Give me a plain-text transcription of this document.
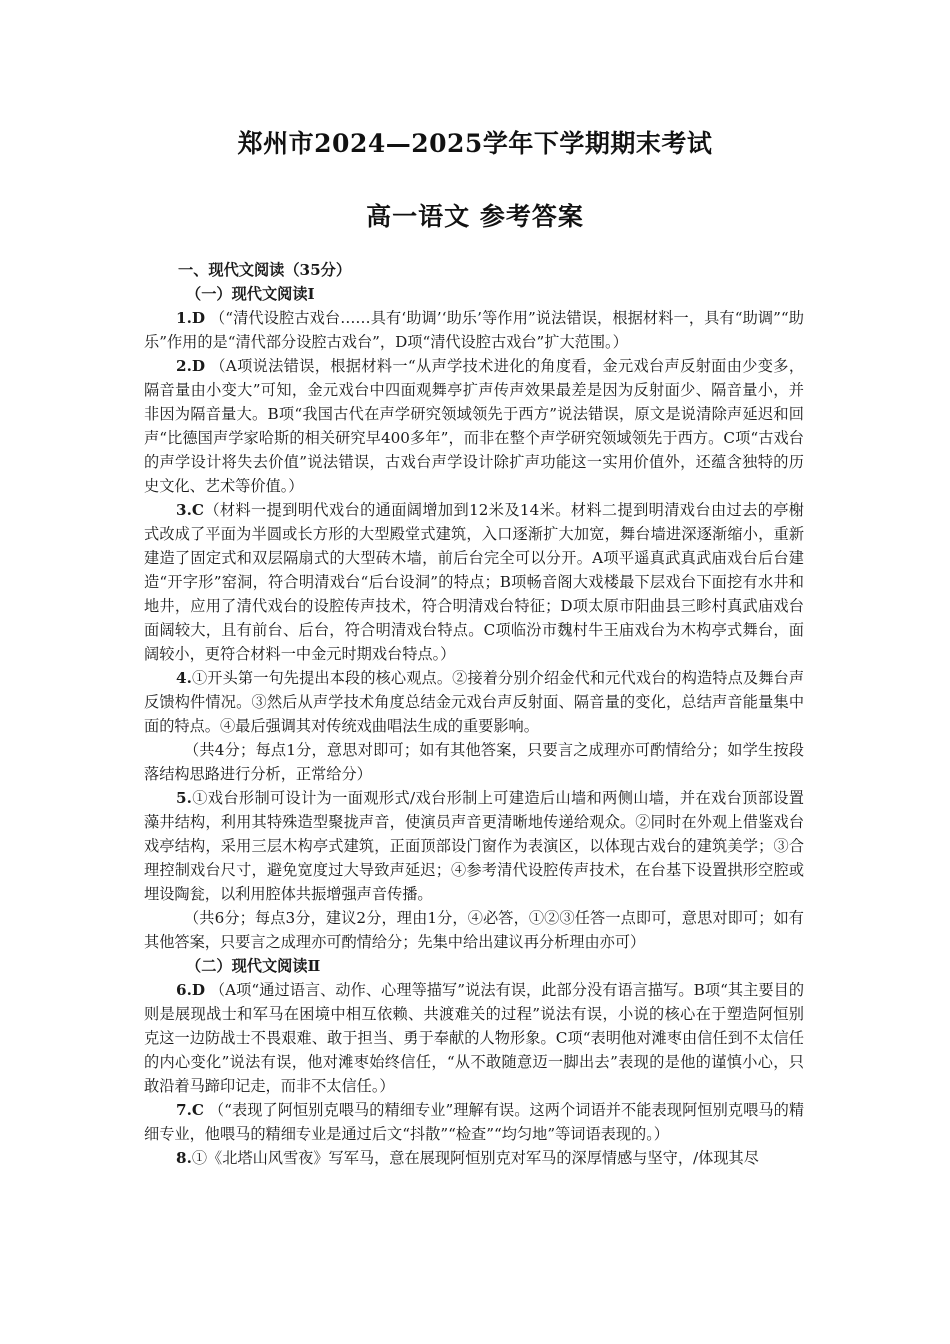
郑州市2024—2025学年下学期期末考试
高一语文 参考答案

一、现代文阅读（35分）

（一）现代文阅读Ⅰ

1.D （“清代设腔古戏台……具有‘助调’‘助乐’等作用”说法错误，根据材料一，具有“助调”“助乐”作用的是“清代部分设腔古戏台”，D项“清代设腔古戏台”扩大范围。）

2.D （A项说法错误，根据材料一“从声学技术进化的角度看，金元戏台声反射面由少变多，隔音量由小变大”可知，金元戏台中四面观舞亭扩声传声效果最差是因为反射面少、隔音量小，并非因为隔音量大。B项“我国古代在声学研究领域领先于西方”说法错误，原文是说清除声延迟和回声“比德国声学家哈斯的相关研究早400多年”，而非在整个声学研究领域领先于西方。C项“古戏台的声学设计将失去价值”说法错误，古戏台声学设计除扩声功能这一实用价值外，还蕴含独特的历史文化、艺术等价值。）

3.C（材料一提到明代戏台的通面阔增加到12米及14米。材料二提到明清戏台由过去的亭榭式改成了平面为半圆或长方形的大型殿堂式建筑，入口逐渐扩大加宽，舞台墙进深逐渐缩小，重新建造了固定式和双层隔扇式的大型砖木墙，前后台完全可以分开。A项平遥真武真武庙戏台后台建造“开字形”窑洞，符合明清戏台“后台设洞”的特点；B项畅音阁大戏楼最下层戏台下面挖有水井和地井，应用了清代戏台的设腔传声技术，符合明清戏台特征；D项太原市阳曲县三畛村真武庙戏台面阔较大，且有前台、后台，符合明清戏台特点。C项临汾市魏村牛王庙戏台为木构亭式舞台，面阔较小，更符合材料一中金元时期戏台特点。）

4.①开头第一句先提出本段的核心观点。②接着分别介绍金代和元代戏台的构造特点及舞台声反馈构件情况。③然后从声学技术角度总结金元戏台声反射面、隔音量的变化，总结声音能量集中面的特点。④最后强调其对传统戏曲唱法生成的重要影响。

（共4分；每点1分，意思对即可；如有其他答案，只要言之成理亦可酌情给分；如学生按段落结构思路进行分析，正常给分）

5.①戏台形制可设计为一面观形式/戏台形制上可建造后山墙和两侧山墙，并在戏台顶部设置藻井结构，利用其特殊造型聚拢声音，使演员声音更清晰地传递给观众。②同时在外观上借鉴戏台戏亭结构，采用三层木构亭式建筑，正面顶部设门窗作为表演区，以体现古戏台的建筑美学；③合理控制戏台尺寸，避免宽度过大导致声延迟；④参考清代设腔传声技术，在台基下设置拱形空腔或埋设陶瓮，以利用腔体共振增强声音传播。

（共6分；每点3分，建议2分，理由1分，④必答，①②③任答一点即可，意思对即可；如有其他答案，只要言之成理亦可酌情给分；先集中给出建议再分析理由亦可）

（二）现代文阅读Ⅱ

6.D （A项“通过语言、动作、心理等描写”说法有误，此部分没有语言描写。B项“其主要目的则是展现战士和军马在困境中相互依赖、共渡难关的过程”说法有误，小说的核心在于塑造阿恒别克这一边防战士不畏艰难、敢于担当、勇于奉献的人物形象。C项“表明他对滩枣由信任到不太信任的内心变化”说法有误，他对滩枣始终信任，“从不敢随意迈一脚出去”表现的是他的谨慎小心，只敢沿着马蹄印记走，而非不太信任。）

7.C （“表现了阿恒别克喂马的精细专业”理解有误。这两个词语并不能表现阿恒别克喂马的精细专业，他喂马的精细专业是通过后文“抖散”“检查”“均匀地”等词语表现的。）

8.①《北塔山风雪夜》写军马，意在展现阿恒别克对军马的深厚情感与坚守，/体现其尽
